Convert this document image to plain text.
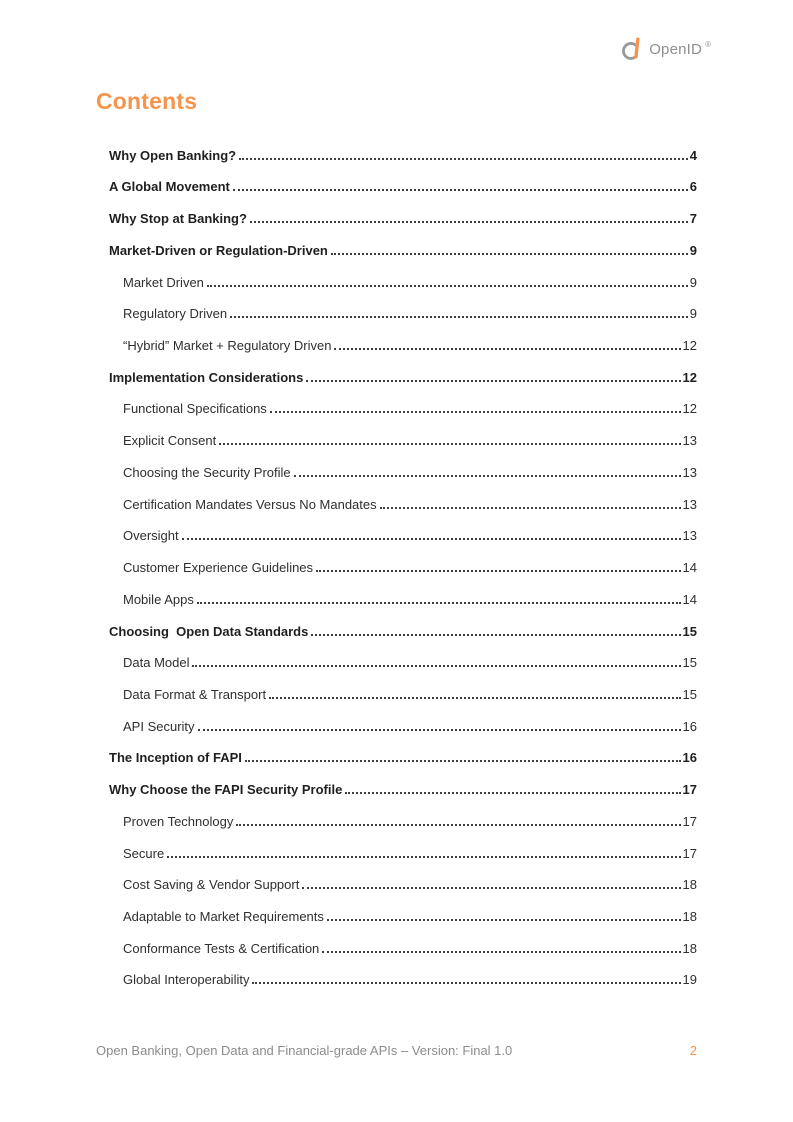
OpenID ®
Contents
Why Open Banking?	4
A Global Movement	6
Why Stop at Banking?	7
Market-Driven or Regulation-Driven	9
Market Driven	9
Regulatory Driven	9
“Hybrid” Market + Regulatory Driven	12
Implementation Considerations	12
Functional Specifications	12
Explicit Consent	13
Choosing the Security Profile	13
Certification Mandates Versus No Mandates	13
Oversight	13
Customer Experience Guidelines	14
Mobile Apps	14
Choosing  Open Data Standards	15
Data Model	15
Data Format & Transport	15
API Security	16
The Inception of FAPI	16
Why Choose the FAPI Security Profile	17
Proven Technology	17
Secure	17
Cost Saving & Vendor Support	18
Adaptable to Market Requirements	18
Conformance Tests & Certification	18
Global Interoperability	19
Open Banking, Open Data and Financial-grade APIs – Version: Final 1.0	2
